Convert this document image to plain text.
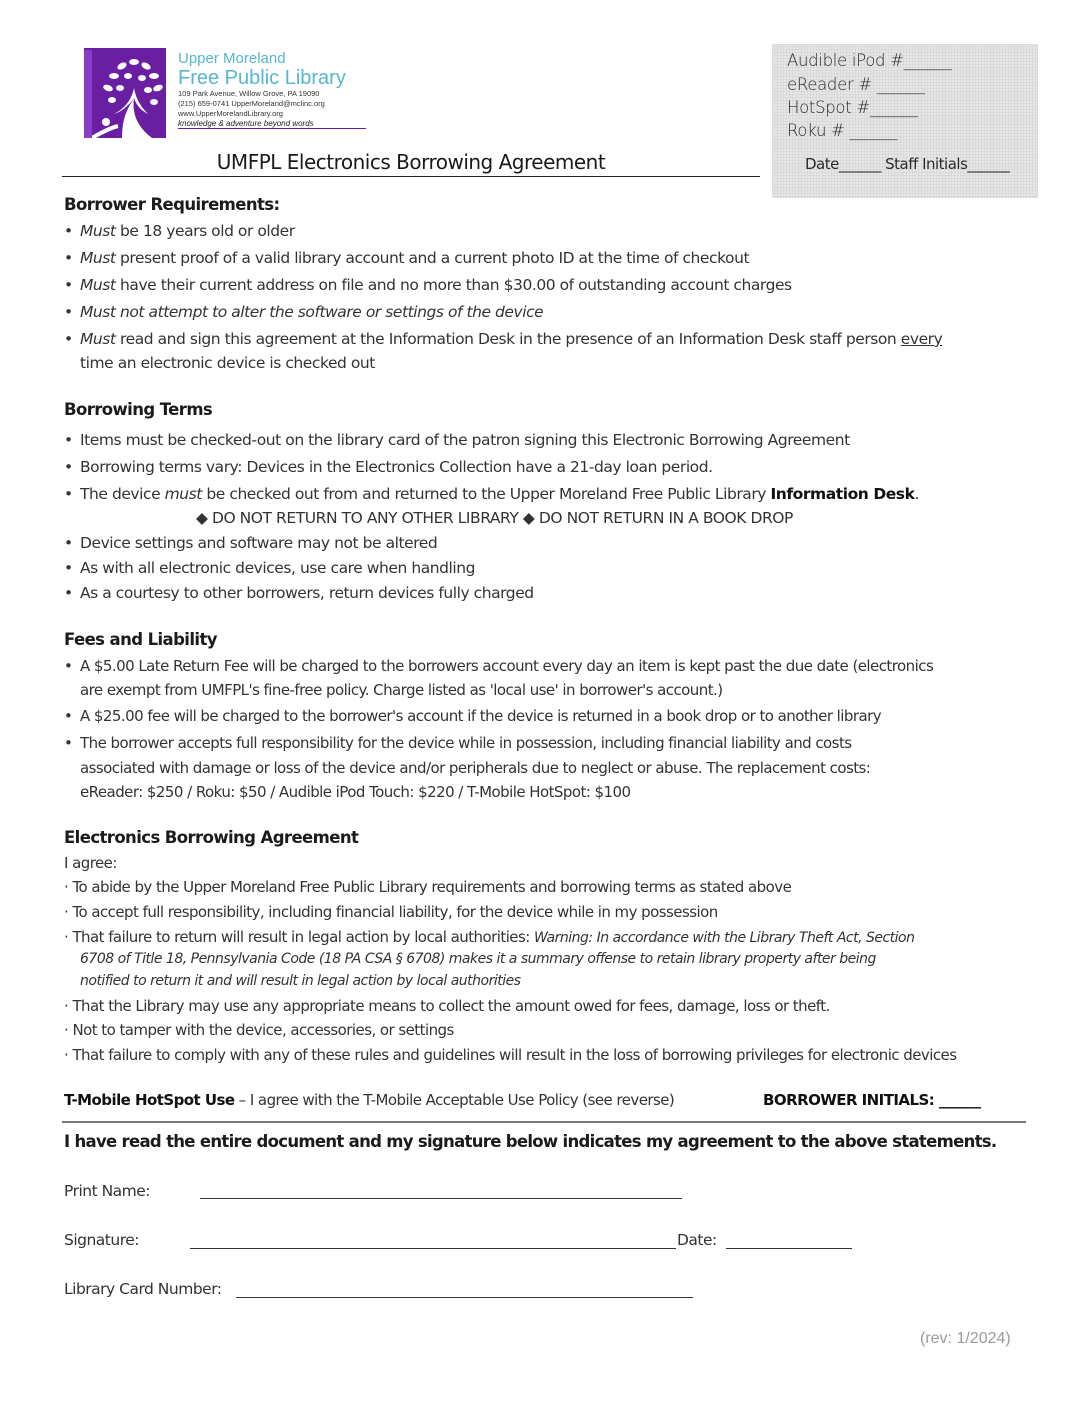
Upper Moreland
Free Public Library
109 Park Avenue, Willow Grove, PA 19090
(215) 659-0741 UpperMoreland@mclinc.org
www.UpperMorelandLibrary.org
knowledge & adventure beyond words
Audible iPod #______
eReader # ______
HotSpot #______
Roku # ______
Date______ Staff Initials______
UMFPL Electronics Borrowing Agreement
Borrower Requirements:
• Must be 18 years old or older
• Must present proof of a valid library account and a current photo ID at the time of checkout
• Must have their current address on file and no more than $30.00 of outstanding account charges
• Must not attempt to alter the software or settings of the device
• Must read and sign this agreement at the Information Desk in the presence of an Information Desk staff person every
time an electronic device is checked out
Borrowing Terms
• Items must be checked-out on the library card of the patron signing this Electronic Borrowing Agreement
• Borrowing terms vary: Devices in the Electronics Collection have a 21-day loan period.
• The device must be checked out from and returned to the Upper Moreland Free Public Library Information Desk.
◆ DO NOT RETURN TO ANY OTHER LIBRARY ◆ DO NOT RETURN IN A BOOK DROP
• Device settings and software may not be altered
• As with all electronic devices, use care when handling
• As a courtesy to other borrowers, return devices fully charged
Fees and Liability
• A $5.00 Late Return Fee will be charged to the borrowers account every day an item is kept past the due date (electronics
are exempt from UMFPL's fine-free policy. Charge listed as 'local use' in borrower's account.)
• A $25.00 fee will be charged to the borrower's account if the device is returned in a book drop or to another library
• The borrower accepts full responsibility for the device while in possession, including financial liability and costs
associated with damage or loss of the device and/or peripherals due to neglect or abuse. The replacement costs:
eReader: $250 / Roku: $50 / Audible iPod Touch: $220 / T-Mobile HotSpot: $100
Electronics Borrowing Agreement
I agree:
· To abide by the Upper Moreland Free Public Library requirements and borrowing terms as stated above
· To accept full responsibility, including financial liability, for the device while in my possession
· That failure to return will result in legal action by local authorities: Warning: In accordance with the Library Theft Act, Section
6708 of Title 18, Pennsylvania Code (18 PA CSA § 6708) makes it a summary offense to retain library property after being
notified to return it and will result in legal action by local authorities
· That the Library may use any appropriate means to collect the amount owed for fees, damage, loss or theft.
· Not to tamper with the device, accessories, or settings
· That failure to comply with any of these rules and guidelines will result in the loss of borrowing privileges for electronic devices
T-Mobile HotSpot Use – I agree with the T-Mobile Acceptable Use Policy (see reverse)	BORROWER INITIALS: ______
I have read the entire document and my signature below indicates my agreement to the above statements.
Print Name:
Signature:	Date:
Library Card Number:
(rev: 1/2024)
